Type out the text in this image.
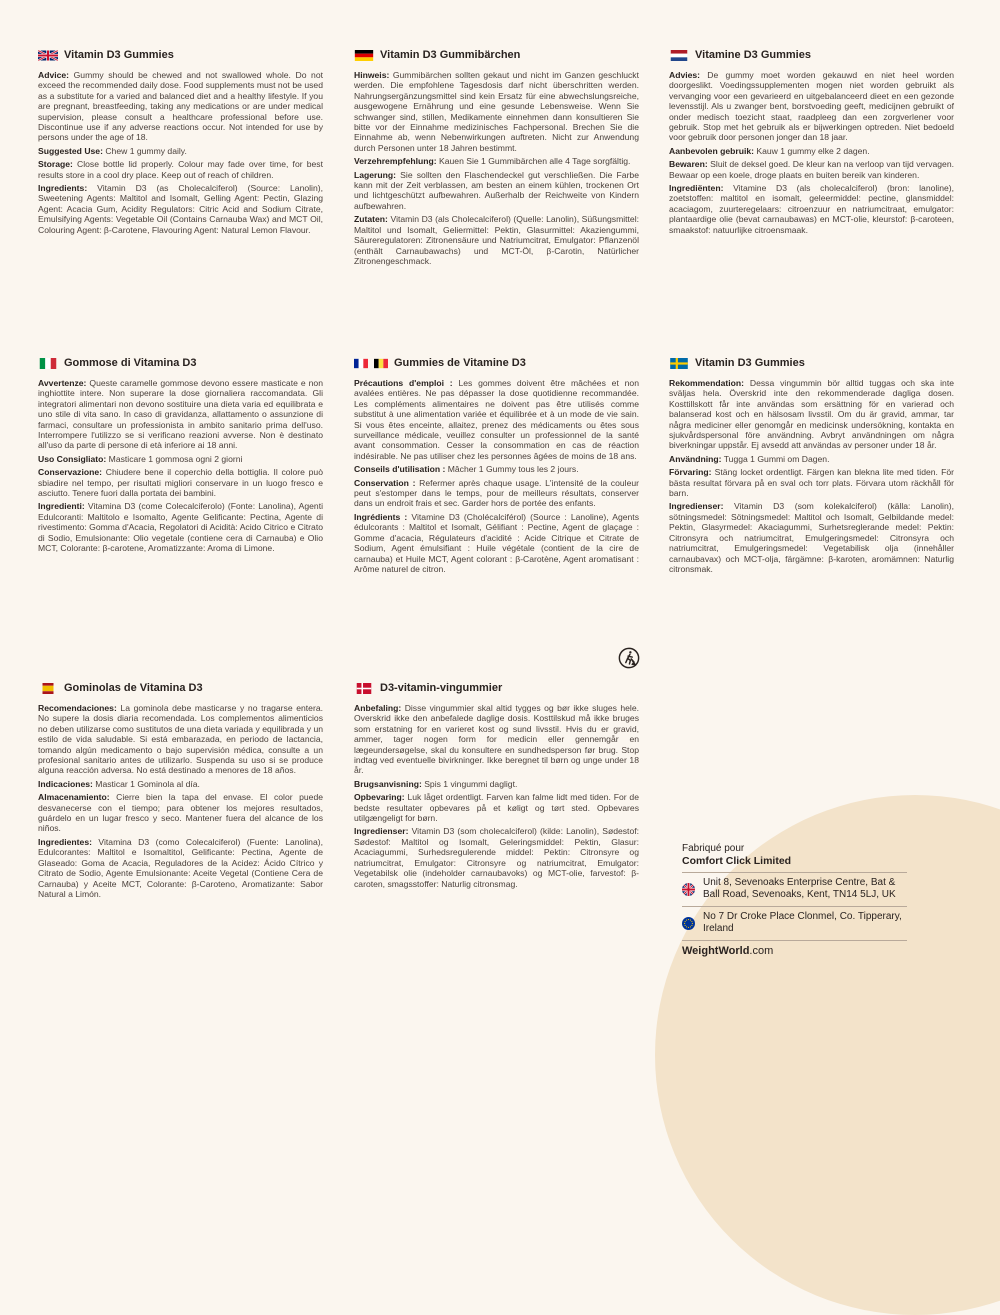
Vitamin D3 Gummies

Advice: Gummy should be chewed and not swallowed whole. Do not exceed the recommended daily dose. Food supplements must not be used as a substitute for a varied and balanced diet and a healthy lifestyle. If you are pregnant, breastfeeding, taking any medications or are under medical supervision, please consult a healthcare professional before use. Discontinue use if any adverse reactions occur. Not intended for use by persons under the age of 18.

Suggested Use: Chew 1 gummy daily.

Storage: Close bottle lid properly. Colour may fade over time, for best results store in a cool dry place. Keep out of reach of children.

Ingredients: Vitamin D3 (as Cholecalciferol) (Source: Lanolin), Sweetening Agents: Maltitol and Isomalt, Gelling Agent: Pectin, Glazing Agent: Acacia Gum, Acidity Regulators: Citric Acid and Sodium Citrate, Emulsifying Agents: Vegetable Oil (Contains Carnauba Wax) and MCT Oil, Colouring Agent: β-Carotene, Flavouring Agent: Natural Lemon Flavour.

Vitamin D3 Gummibärchen

Hinweis: Gummibärchen sollten gekaut und nicht im Ganzen geschluckt werden. Die empfohlene Tagesdosis darf nicht überschritten werden. Nahrungsergänzungsmittel sind kein Ersatz für eine abwechslungsreiche, ausgewogene Ernährung und eine gesunde Lebensweise. Wenn Sie schwanger sind, stillen, Medikamente einnehmen dann konsultieren Sie bitte vor der Einnahme medizinisches Fachpersonal. Brechen Sie die Einnahme ab, wenn Nebenwirkungen auftreten. Nicht zur Anwendung durch Personen unter 18 Jahren bestimmt.

Verzehrempfehlung: Kauen Sie 1 Gummibärchen alle 4 Tage sorgfältig.

Lagerung: Sie sollten den Flaschendeckel gut verschließen. Die Farbe kann mit der Zeit verblassen, am besten an einem kühlen, trockenen Ort und lichtgeschützt aufbewahren. Außerhalb der Reichweite von Kindern aufbewahren.

Zutaten: Vitamin D3 (als Cholecalciferol) (Quelle: Lanolin), Süßungsmittel: Maltitol und Isomalt, Geliermittel: Pektin, Glasurmittel: Akaziengummi, Säureregulatoren: Zitronensäure und Natriumcitrat, Emulgator: Pflanzenöl (enthält Carnaubawachs) und MCT-Öl, β-Carotin, Natürlicher Zitronengeschmack.

Vitamine D3 Gummies

Advies: De gummy moet worden gekauwd en niet heel worden doorgeslikt. Voedingssupplementen mogen niet worden gebruikt als vervanging voor een gevarieerd en uitgebalanceerd dieet en een gezonde levensstijl. Als u zwanger bent, borstvoeding geeft, medicijnen gebruikt of onder medisch toezicht staat, raadpleeg dan een zorgverlener voor gebruik. Stop met het gebruik als er bijwerkingen optreden. Niet bedoeld voor gebruik door personen jonger dan 18 jaar.

Aanbevolen gebruik: Kauw 1 gummy elke 2 dagen.

Bewaren: Sluit de deksel goed. De kleur kan na verloop van tijd vervagen. Bewaar op een koele, droge plaats en buiten bereik van kinderen.

Ingrediënten: Vitamine D3 (als cholecalciferol) (bron: lanoline), zoetstoffen: maltitol en isomalt, geleermiddel: pectine, glansmiddel: acaciagom, zuurteregelaars: citroenzuur en natriumcitraat, emulgator: plantaardige olie (bevat carnaubawas) en MCT-olie, kleurstof: β-caroteen, smaakstof: natuurlijke citroensmaak.

Gommose di Vitamina D3

Avvertenze: Queste caramelle gommose devono essere masticate e non inghiottite intere. Non superare la dose giornaliera raccomandata. Gli integratori alimentari non devono sostituire una dieta varia ed equilibrata e uno stile di vita sano. In caso di gravidanza, allattamento o assunzione di farmaci, consultare un professionista in ambito sanitario prima dell'uso. Interrompere l'utilizzo se si verificano reazioni avverse. Non è destinato all'uso da parte di persone di età inferiore ai 18 anni.

Uso Consigliato: Masticare 1 gommosa ogni 2 giorni

Conservazione: Chiudere bene il coperchio della bottiglia. Il colore può sbiadire nel tempo, per risultati migliori conservare in un luogo fresco e asciutto. Tenere fuori dalla portata dei bambini.

Ingredienti: Vitamina D3 (come Colecalciferolo) (Fonte: Lanolina), Agenti Edulcoranti: Maltitolo e Isomalto, Agente Gelificante: Pectina, Agente di rivestimento: Gomma d'Acacia, Regolatori di Acidità: Acido Citrico e Citrato di Sodio, Emulsionante: Olio vegetale (contiene cera di Carnauba) e Olio MCT, Colorante: β-carotene, Aromatizzante: Aroma di Limone.

Gummies de Vitamine D3

Précautions d'emploi : Les gommes doivent être mâchées et non avalées entières. Ne pas dépasser la dose quotidienne recommandée. Les compléments alimentaires ne doivent pas être utilisés comme substitut à une alimentation variée et équilibrée et à un mode de vie sain. Si vous êtes enceinte, allaitez, prenez des médicaments ou êtes sous surveillance médicale, veuillez consulter un professionnel de la santé avant consommation. Cesser la consommation en cas de réaction indésirable. Ne pas utiliser chez les personnes âgées de moins de 18 ans.

Conseils d'utilisation : Mâcher 1 Gummy tous les 2 jours.

Conservation : Refermer après chaque usage. L'intensité de la couleur peut s'estomper dans le temps, pour de meilleurs résultats, conserver dans un endroit frais et sec. Garder hors de portée des enfants.

Ingrédients : Vitamine D3 (Cholécalciférol) (Source : Lanoline), Agents édulcorants : Maltitol et Isomalt, Gélifiant : Pectine, Agent de glaçage : Gomme d'acacia, Régulateurs d'acidité : Acide Citrique et Citrate de Sodium, Agent émulsifiant : Huile végétale (contient de la cire de carnauba) et Huile MCT, Agent colorant : β-Carotène, Agent aromatisant : Arôme naturel de citron.

Vitamin D3 Gummies

Rekommendation: Dessa vingummin bör alltid tuggas och ska inte sväljas hela. Överskrid inte den rekommenderade dagliga dosen. Kosttillskott får inte användas som ersättning för en varierad och balanserad kost och en hälsosam livsstil. Om du är gravid, ammar, tar några mediciner eller genomgår en medicinsk undersökning, kontakta en sjukvårdspersonal före användning. Avbryt användningen om några biverkningar uppstår. Ej avsedd att användas av personer under 18 år.

Användning: Tugga 1 Gummi om Dagen.

Förvaring: Stäng locket ordentligt. Färgen kan blekna lite med tiden. För bästa resultat förvara på en sval och torr plats. Förvara utom räckhåll för barn.

Ingredienser: Vitamin D3 (som kolekalciferol) (källa: Lanolin), sötningsmedel: Sötningsmedel: Maltitol och Isomalt, Gelbildande medel: Pektin, Glasyrmedel: Akaciagummi, Surhetsreglerande medel: Pektin: Citronsyra och natriumcitrat, Emulgeringsmedel: Citronsyra och natriumcitrat, Emulgeringsmedel: Vegetabilisk olja (innehåller carnaubavax) och MCT-olja, färgämne: β-karoten, aromämnen: Naturlig citronsmak.

Gominolas de Vitamina D3

Recomendaciones: La gominola debe masticarse y no tragarse entera. No supere la dosis diaria recomendada. Los complementos alimenticios no deben utilizarse como sustitutos de una dieta variada y equilibrada y un estilo de vida saludable. Si está embarazada, en periodo de lactancia, tomando algún medicamento o bajo supervisión médica, consulte a un profesional sanitario antes de utilizarlo. Suspenda su uso si se produce alguna reacción adversa. No está destinado a menores de 18 años.

Indicaciones: Masticar 1 Gominola al día.

Almacenamiento: Cierre bien la tapa del envase. El color puede desvanecerse con el tiempo; para obtener los mejores resultados, guárdelo en un lugar fresco y seco. Mantener fuera del alcance de los niños.

Ingredientes: Vitamina D3 (como Colecalciferol) (Fuente: Lanolina), Edulcorantes: Maltitol e Isomaltitol, Gelificante: Pectina, Agente de Glaseado: Goma de Acacia, Reguladores de la Acidez: Ácido Cítrico y Citrato de Sodio, Agente Emulsionante: Aceite Vegetal (Contiene Cera de Carnauba) y Aceite MCT, Colorante: β-Caroteno, Aromatizante: Sabor Natural a Limón.

D3-vitamin-vingummier

Anbefaling: Disse vingummier skal altid tygges og bør ikke sluges hele. Overskrid ikke den anbefalede daglige dosis. Kosttilskud må ikke bruges som erstatning for en varieret kost og sund livsstil. Hvis du er gravid, ammer, tager nogen form for medicin eller gennemgår en lægeundersøgelse, skal du konsultere en sundhedsperson før brug. Stop indtag ved eventuelle bivirkninger. Ikke beregnet til børn og unge under 18 år.

Brugsanvisning: Spis 1 vingummi dagligt.

Opbevaring: Luk låget ordentligt. Farven kan falme lidt med tiden. For de bedste resultater opbevares på et køligt og tørt sted. Opbevares utilgængeligt for børn.

Ingredienser: Vitamin D3 (som cholecalciferol) (kilde: Lanolin), Sødestof: Sødestof: Maltitol og Isomalt, Geleringsmiddel: Pektin, Glasur: Acaciagummi, Surhedsregulerende middel: Pektin: Citronsyre og natriumcitrat, Emulgator: Citronsyre og natriumcitrat, Emulgator: Vegetabilsk olie (indeholder carnaubavoks) og MCT-olie, farvestof: β-caroten, smagsstoffer: Naturlig citronsmag.

Fabriqué pour
Comfort Click Limited
Unit 8, Sevenoaks Enterprise Centre, Bat & Ball Road, Sevenoaks, Kent, TN14 5LJ, UK
No 7 Dr Croke Place Clonmel, Co. Tipperary, Ireland
WeightWorld.com
